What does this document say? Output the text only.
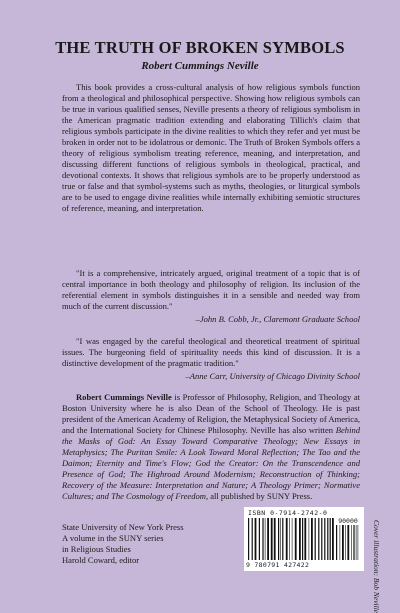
THE TRUTH OF BROKEN SYMBOLS
Robert Cummings Neville
This book provides a cross-cultural analysis of how religious symbols function from a theological and philosophical perspective. Showing how religious symbols can be true in various qualified senses, Neville presents a theory of religious symbolism in the American pragmatic tradition extending and elaborating Tillich's claim that religious symbols participate in the divine realities to which they refer and yet must be broken in order not to be idolatrous or demonic. The Truth of Broken Symbols offers a theory of religious symbolism treating reference, meaning, and interpretation, and discussing different functions of religious symbols in theological, practical, and devotional contexts. It shows that religious symbols are to be properly understood as true or false and that symbol-systems such as myths, theologies, or liturgical symbols are to be used to engage divine realities while internally exhibiting semiotic structures of reference, meaning, and interpretation.
"It is a comprehensive, intricately argued, original treatment of a topic that is of central importance in both theology and philosophy of religion. Its inclusion of the referential element in symbols distinguishes it in a sensible and needed way from much of the current discussion."
–John B. Cobb, Jr., Claremont Graduate School
"I was engaged by the careful theological and theoretical treatment of spiritual issues. The burgeoning field of spirituality needs this kind of discussion. It is a distinctive development of the pragmatic tradition."
–Anne Carr, University of Chicago Divinity School
Robert Cummings Neville is Professor of Philosophy, Religion, and Theology at Boston University where he is also Dean of the School of Theology. He is past president of the American Academy of Religion, the Metaphysical Society of America, and the International Society for Chinese Philosophy. Neville has also written Behind the Masks of God: An Essay Toward Comparative Theology; New Essays in Metaphysics; The Puritan Smile: A Look Toward Moral Reflection; The Tao and the Daimon; Eternity and Time's Flow; God the Creator: On the Transcendence and Presence of God; The Highroad Around Modernism; Reconstruction of Thinking; Recovery of the Measure: Interpretation and Nature; A Theology Primer; Normative Cultures; and The Cosmology of Freedom, all published by SUNY Press.
State University of New York Press
A volume in the SUNY series
in Religious Studies
Harold Coward, editor
ISBN 0-7914-2742-0
90000
9 780791 427422	Cover illustration: Bob Neville
